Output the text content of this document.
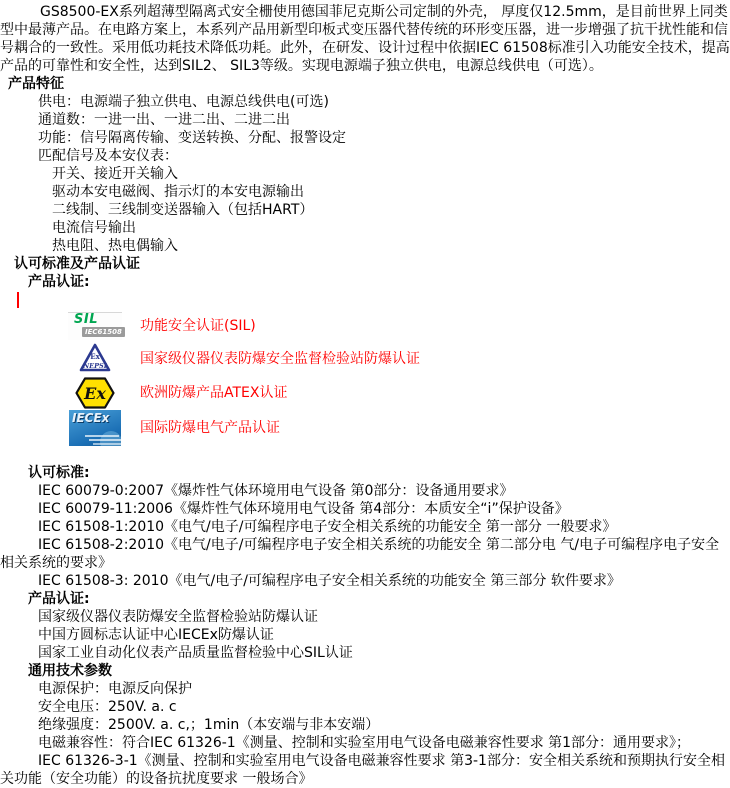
GS8500-EX系列超薄型隔离式安全栅使用德国菲尼克斯公司定制的外壳， 厚度仅12.5mm，是目前世界上同类型中最薄产品。在电路方案上，本系列产品用新型印板式变压器代替传统的环形变压器，进一步增强了抗干扰性能和信号耦合的一致性。采用低功耗技术降低功耗。此外，在研发、设计过程中依据IEC 61508标准引入功能安全技术，提高产品的可靠性和安全性，达到SIL2、 SIL3等级。实现电源端子独立供电，电源总线供电（可选）。

产品特征
供电：电源端子独立供电、电源总线供电(可选)
通道数：一进一出、一进二出、二进二出
功能：信号隔离传输、变送转换、分配、报警设定
匹配信号及本安仪表：
开关、接近开关输入
驱动本安电磁阀、指示灯的本安电源输出
二线制、三线制变送器输入（包括HART）
电流信号输出
热电阻、热电偶输入
认可标准及产品认证
产品认证:
SIL
IEC61508 功能安全认证(SIL)
Ex
NEPSI 国家级仪器仪表防爆安全监督检验站防爆认证
Ex 欧洲防爆产品ATEX认证
IECEx
国际防爆电气产品认证
认可标准:
IEC 60079-0:2007《爆炸性气体环境用电气设备 第0部分：设备通用要求》
IEC 60079-11:2006《爆炸性气体环境用电气设备 第4部分：本质安全“i”保护设备》
IEC 61508-1:2010《电气/电子/可编程序电子安全相关系统的功能安全 第一部分 一般要求》
IEC 61508-2:2010《电气/电子/可编程序电子安全相关系统的功能安全 第二部分电 气/电子可编程序电子安全相关系统的要求》
IEC 61508-3: 2010《电气/电子/可编程序电子安全相关系统的功能安全 第三部分 软件要求》
产品认证:
国家级仪器仪表防爆安全监督检验站防爆认证
中国方圆标志认证中心IECEx防爆认证
国家工业自动化仪表产品质量监督检验中心SIL认证
通用技术参数
电源保护：电源反向保护
安全电压：250V. a. c
绝缘强度：2500V. a. c,；1min（本安端与非本安端）
电磁兼容性：符合IEC 61326-1《测量、控制和实验室用电气设备电磁兼容性要求 第1部分：通用要求》；
IEC 61326-3-1《测量、控制和实验室用电气设备电磁兼容性要求 第3-1部分：安全相关系统和预期执行安全相关功能（安全功能）的设备抗扰度要求 一般场合》
